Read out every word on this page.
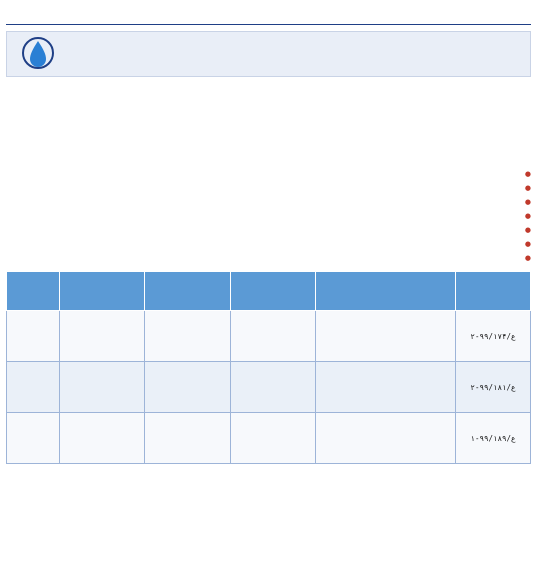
●
●
●
●
●
●
●

ع/۹۹/۱۷۴-۲					
ع/۹۹/۱۸۱-۲					
ع/۹۹/۱۸۹-۱					
